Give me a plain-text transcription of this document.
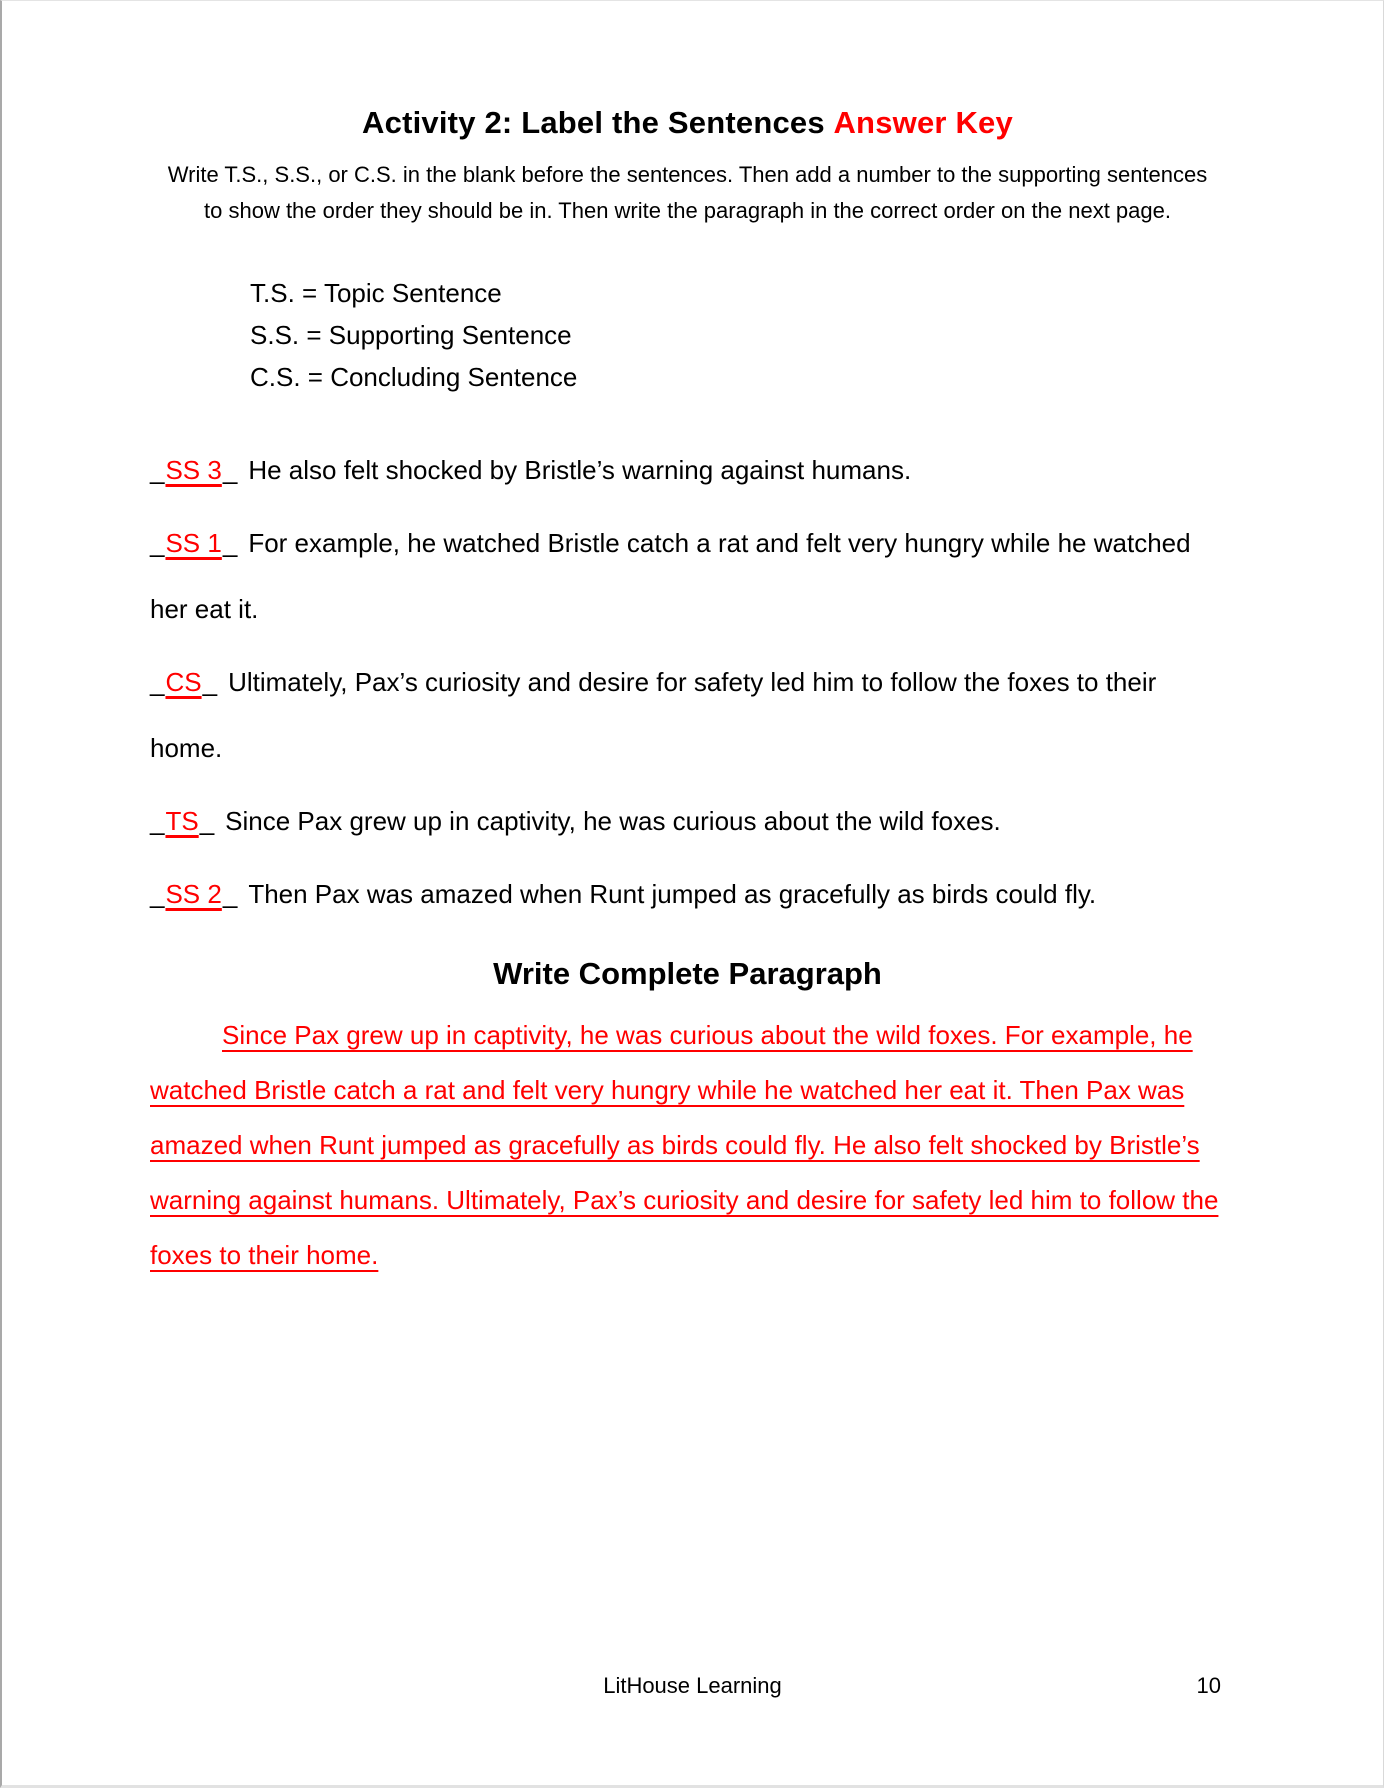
Activity 2: Label the Sentences Answer Key

Write T.S., S.S., or C.S. in the blank before the sentences. Then add a number to the supporting sentences to show the order they should be in. Then write the paragraph in the correct order on the next page.

T.S. = Topic Sentence
S.S. = Supporting Sentence
C.S. = Concluding Sentence

_SS 3_ He also felt shocked by Bristle’s warning against humans.

_SS 1_ For example, he watched Bristle catch a rat and felt very hungry while he watched her eat it.

_CS_ Ultimately, Pax’s curiosity and desire for safety led him to follow the foxes to their home.

_TS_ Since Pax grew up in captivity, he was curious about the wild foxes.

_SS 2_ Then Pax was amazed when Runt jumped as gracefully as birds could fly.

Write Complete Paragraph

Since Pax grew up in captivity, he was curious about the wild foxes. For example, he watched Bristle catch a rat and felt very hungry while he watched her eat it. Then Pax was amazed when Runt jumped as gracefully as birds could fly. He also felt shocked by Bristle’s warning against humans. Ultimately, Pax’s curiosity and desire for safety led him to follow the foxes to their home.

LitHouse Learning	10
